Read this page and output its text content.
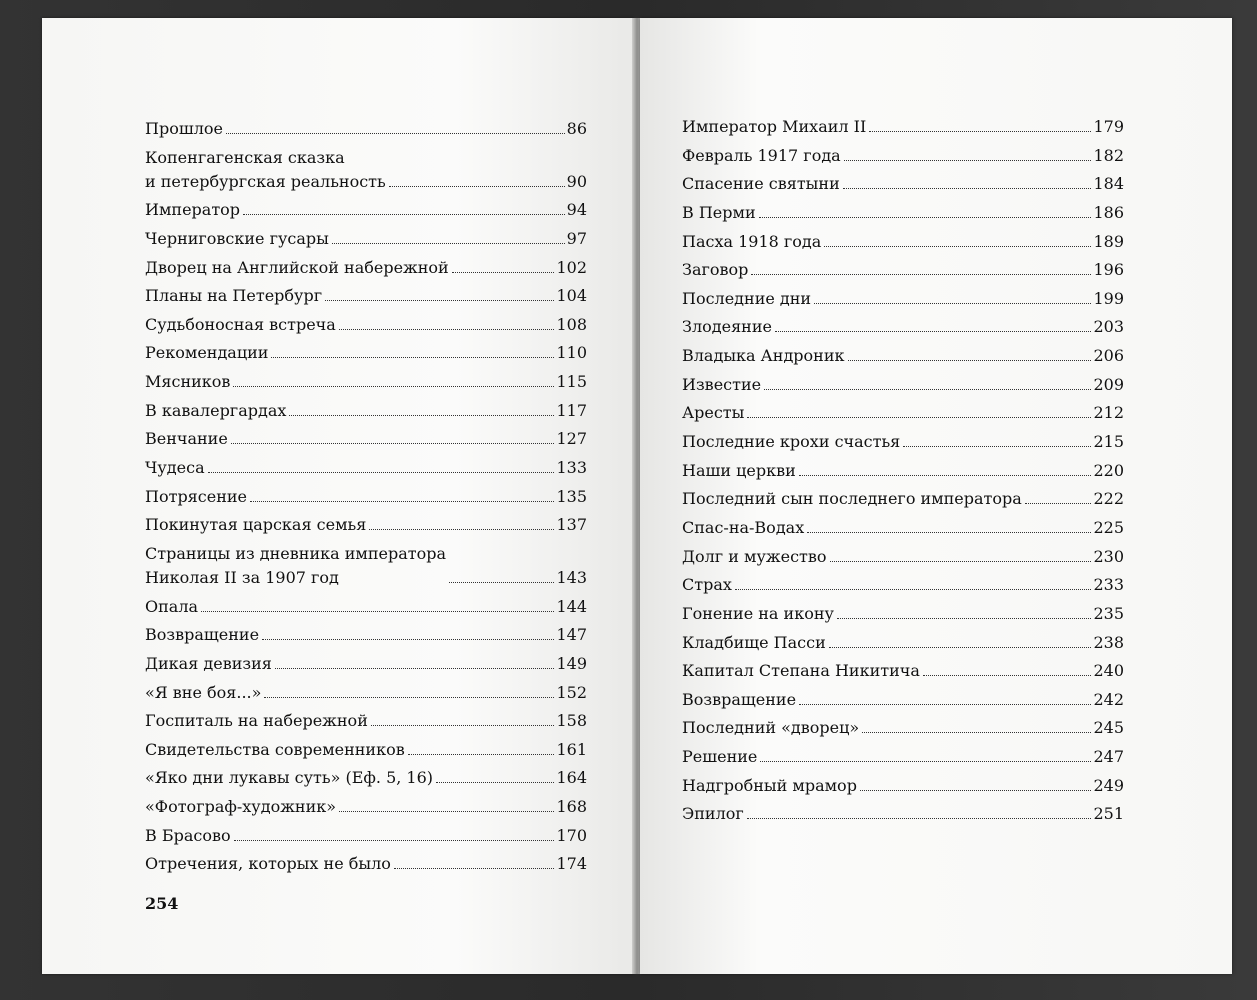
Прошлое	86
Копенгагенская сказка
и петербургская реальность	90
Император	94
Черниговские гусары	97
Дворец на Английской набережной	102
Планы на Петербург	104
Судьбоносная встреча	108
Рекомендации	110
Мясников	115
В кавалергардах	117
Венчание	127
Чудеса	133
Потрясение	135
Покинутая царская семья	137
Страницы из дневника императора
Николая II за 1907 год	143
Опала	144
Возвращение	147
Дикая девизия	149
«Я вне боя...»	152
Госпиталь на набережной	158
Свидетельства современников	161
«Яко дни лукавы суть» (Еф. 5, 16)	164
«Фотограф-художник»	168
В Брасово	170
Отречения, которых не было	174
254
Император Михаил II	179
Февраль 1917 года	182
Спасение святыни	184
В Перми	186
Пасха 1918 года	189
Заговор	196
Последние дни	199
Злодеяние	203
Владыка Андроник	206
Известие	209
Аресты	212
Последние крохи счастья	215
Наши церкви	220
Последний сын последнего императора	222
Спас-на-Водах	225
Долг и мужество	230
Страх	233
Гонение на икону	235
Кладбище Пасси	238
Капитал Степана Никитича	240
Возвращение	242
Последний «дворец»	245
Решение	247
Надгробный мрамор	249
Эпилог	251
